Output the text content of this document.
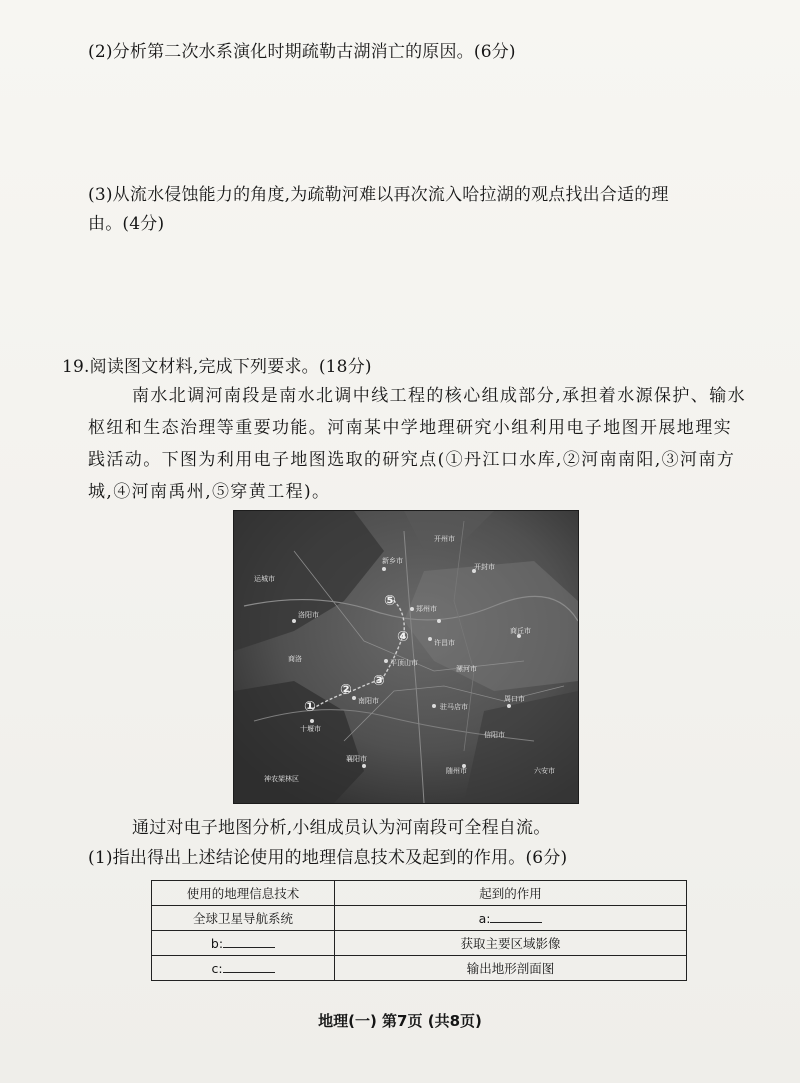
(2)分析第二次水系演化时期疏勒古湖消亡的原因。(6分)
(3)从流水侵蚀能力的角度,为疏勒河难以再次流入哈拉湖的观点找出合适的理
由。(4分)
19.阅读图文材料,完成下列要求。(18分)
南水北调河南段是南水北调中线工程的核心组成部分,承担着水源保护、输水
枢纽和生态治理等重要功能。河南某中学地理研究小组利用电子地图开展地理实
践活动。下图为利用电子地图选取的研究点(①丹江口水库,②河南南阳,③河南方
城,④河南禹州,⑤穿黄工程)。
十堰市
南阳市
平顶山市
郑州市
许昌市
洛阳市
商丘市
驻马店市
襄阳市
新乡市
周口市
随州市	六安市
开封市
运城市
商洛
神农架林区
漯河市
信阳市
开州市
①
②
③
④
⑤
通过对电子地图分析,小组成员认为河南段可全程自流。
(1)指出得出上述结论使用的地理信息技术及起到的作用。(6分)
使用的地理信息技术	起到的作用
全球卫星导航系统	a:
b:	获取主要区域影像
c:	输出地形剖面图
地理(一) 第7页 (共8页)
